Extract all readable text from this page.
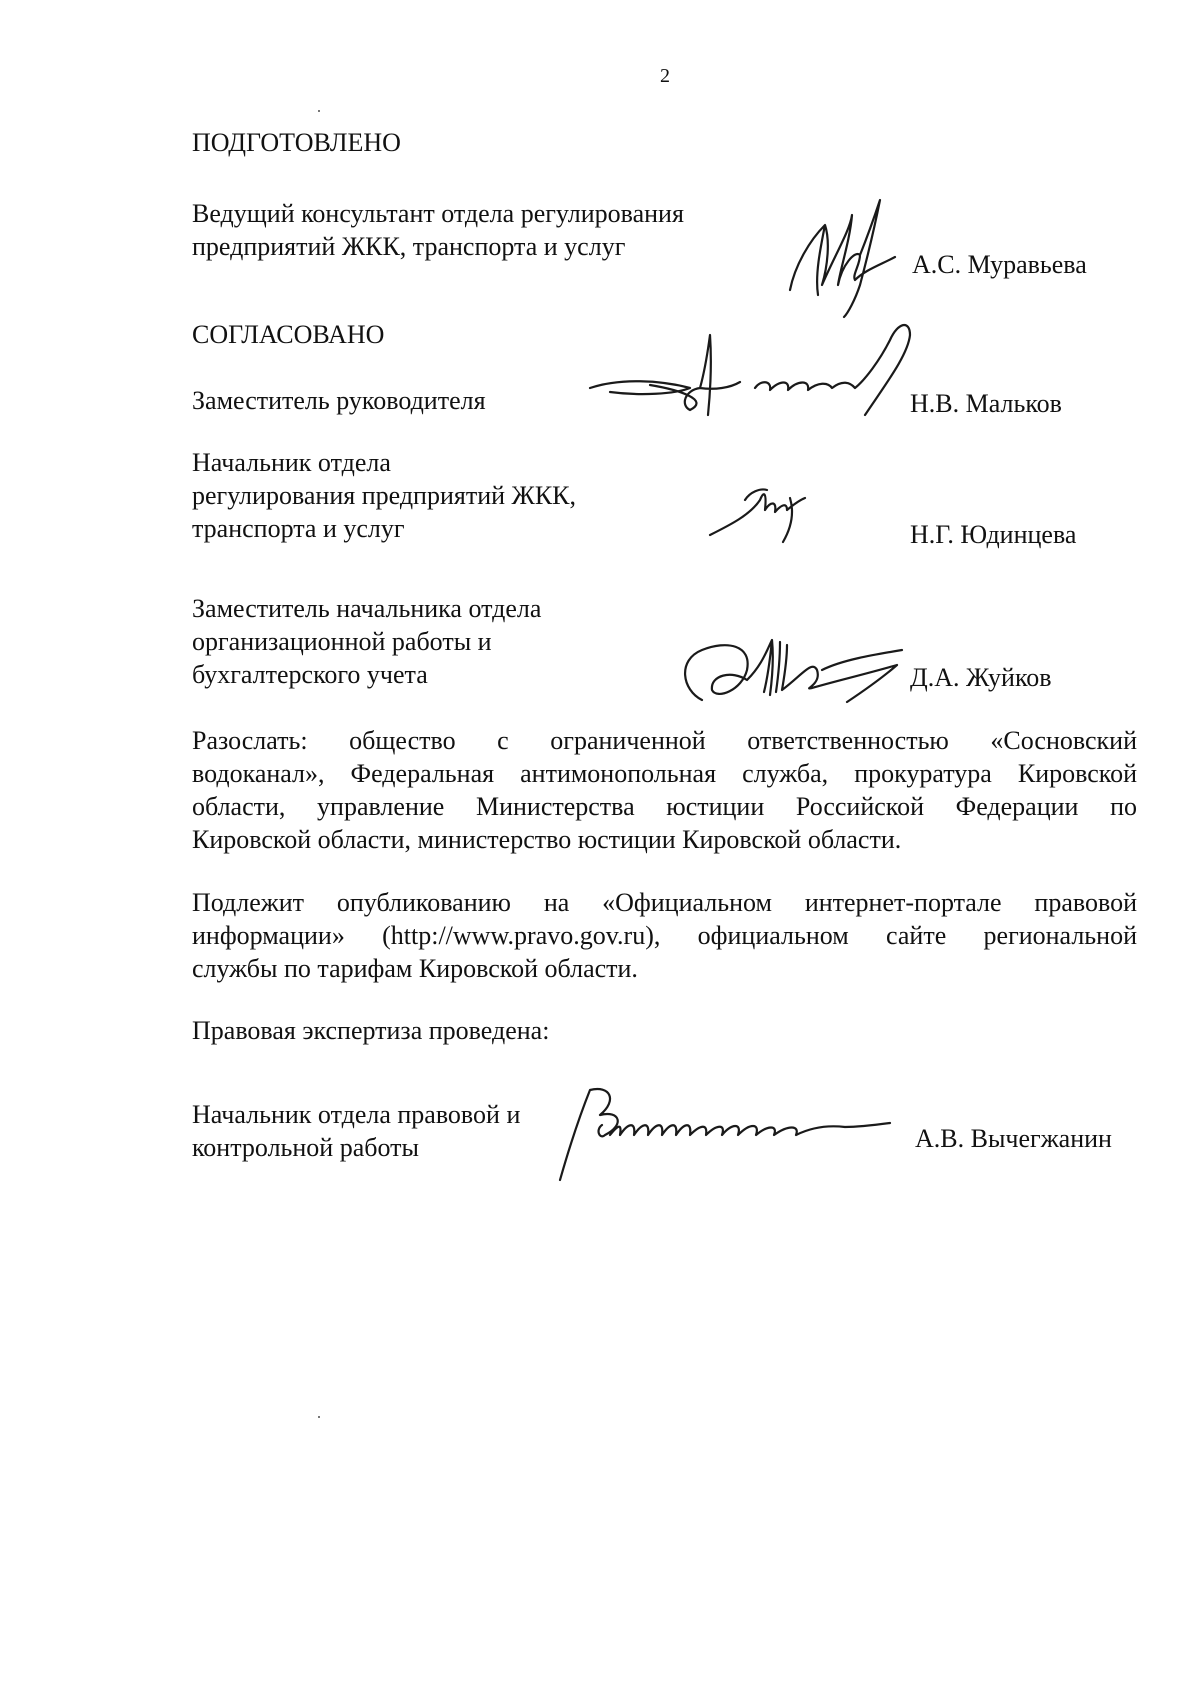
2
ПОДГОТОВЛЕНО
Ведущий консультант отдела регулирования
предприятий ЖКК, транспорта и услуг
А.С. Муравьева
СОГЛАСОВАНО
Заместитель руководителя	Н.В. Мальков
Начальник отдела
регулирования предприятий ЖКК,
транспорта и услуг	Н.Г. Юдинцева
Заместитель начальника отдела
организационной работы и
бухгалтерского учета	Д.А. Жуйков
Разослать: общество с ограниченной ответственностью «Сосновский
водоканал», Федеральная антимонопольная служба, прокуратура Кировской
области, управление Министерства юстиции Российской Федерации по
Кировской области, министерство юстиции Кировской области.
Подлежит опубликованию на «Официальном интернет-портале правовой
информации» (http://www.pravo.gov.ru), официальном сайте региональной
службы по тарифам Кировской области.
Правовая экспертиза проведена:
Начальник отдела правовой и
контрольной работы	А.В. Вычегжанин
